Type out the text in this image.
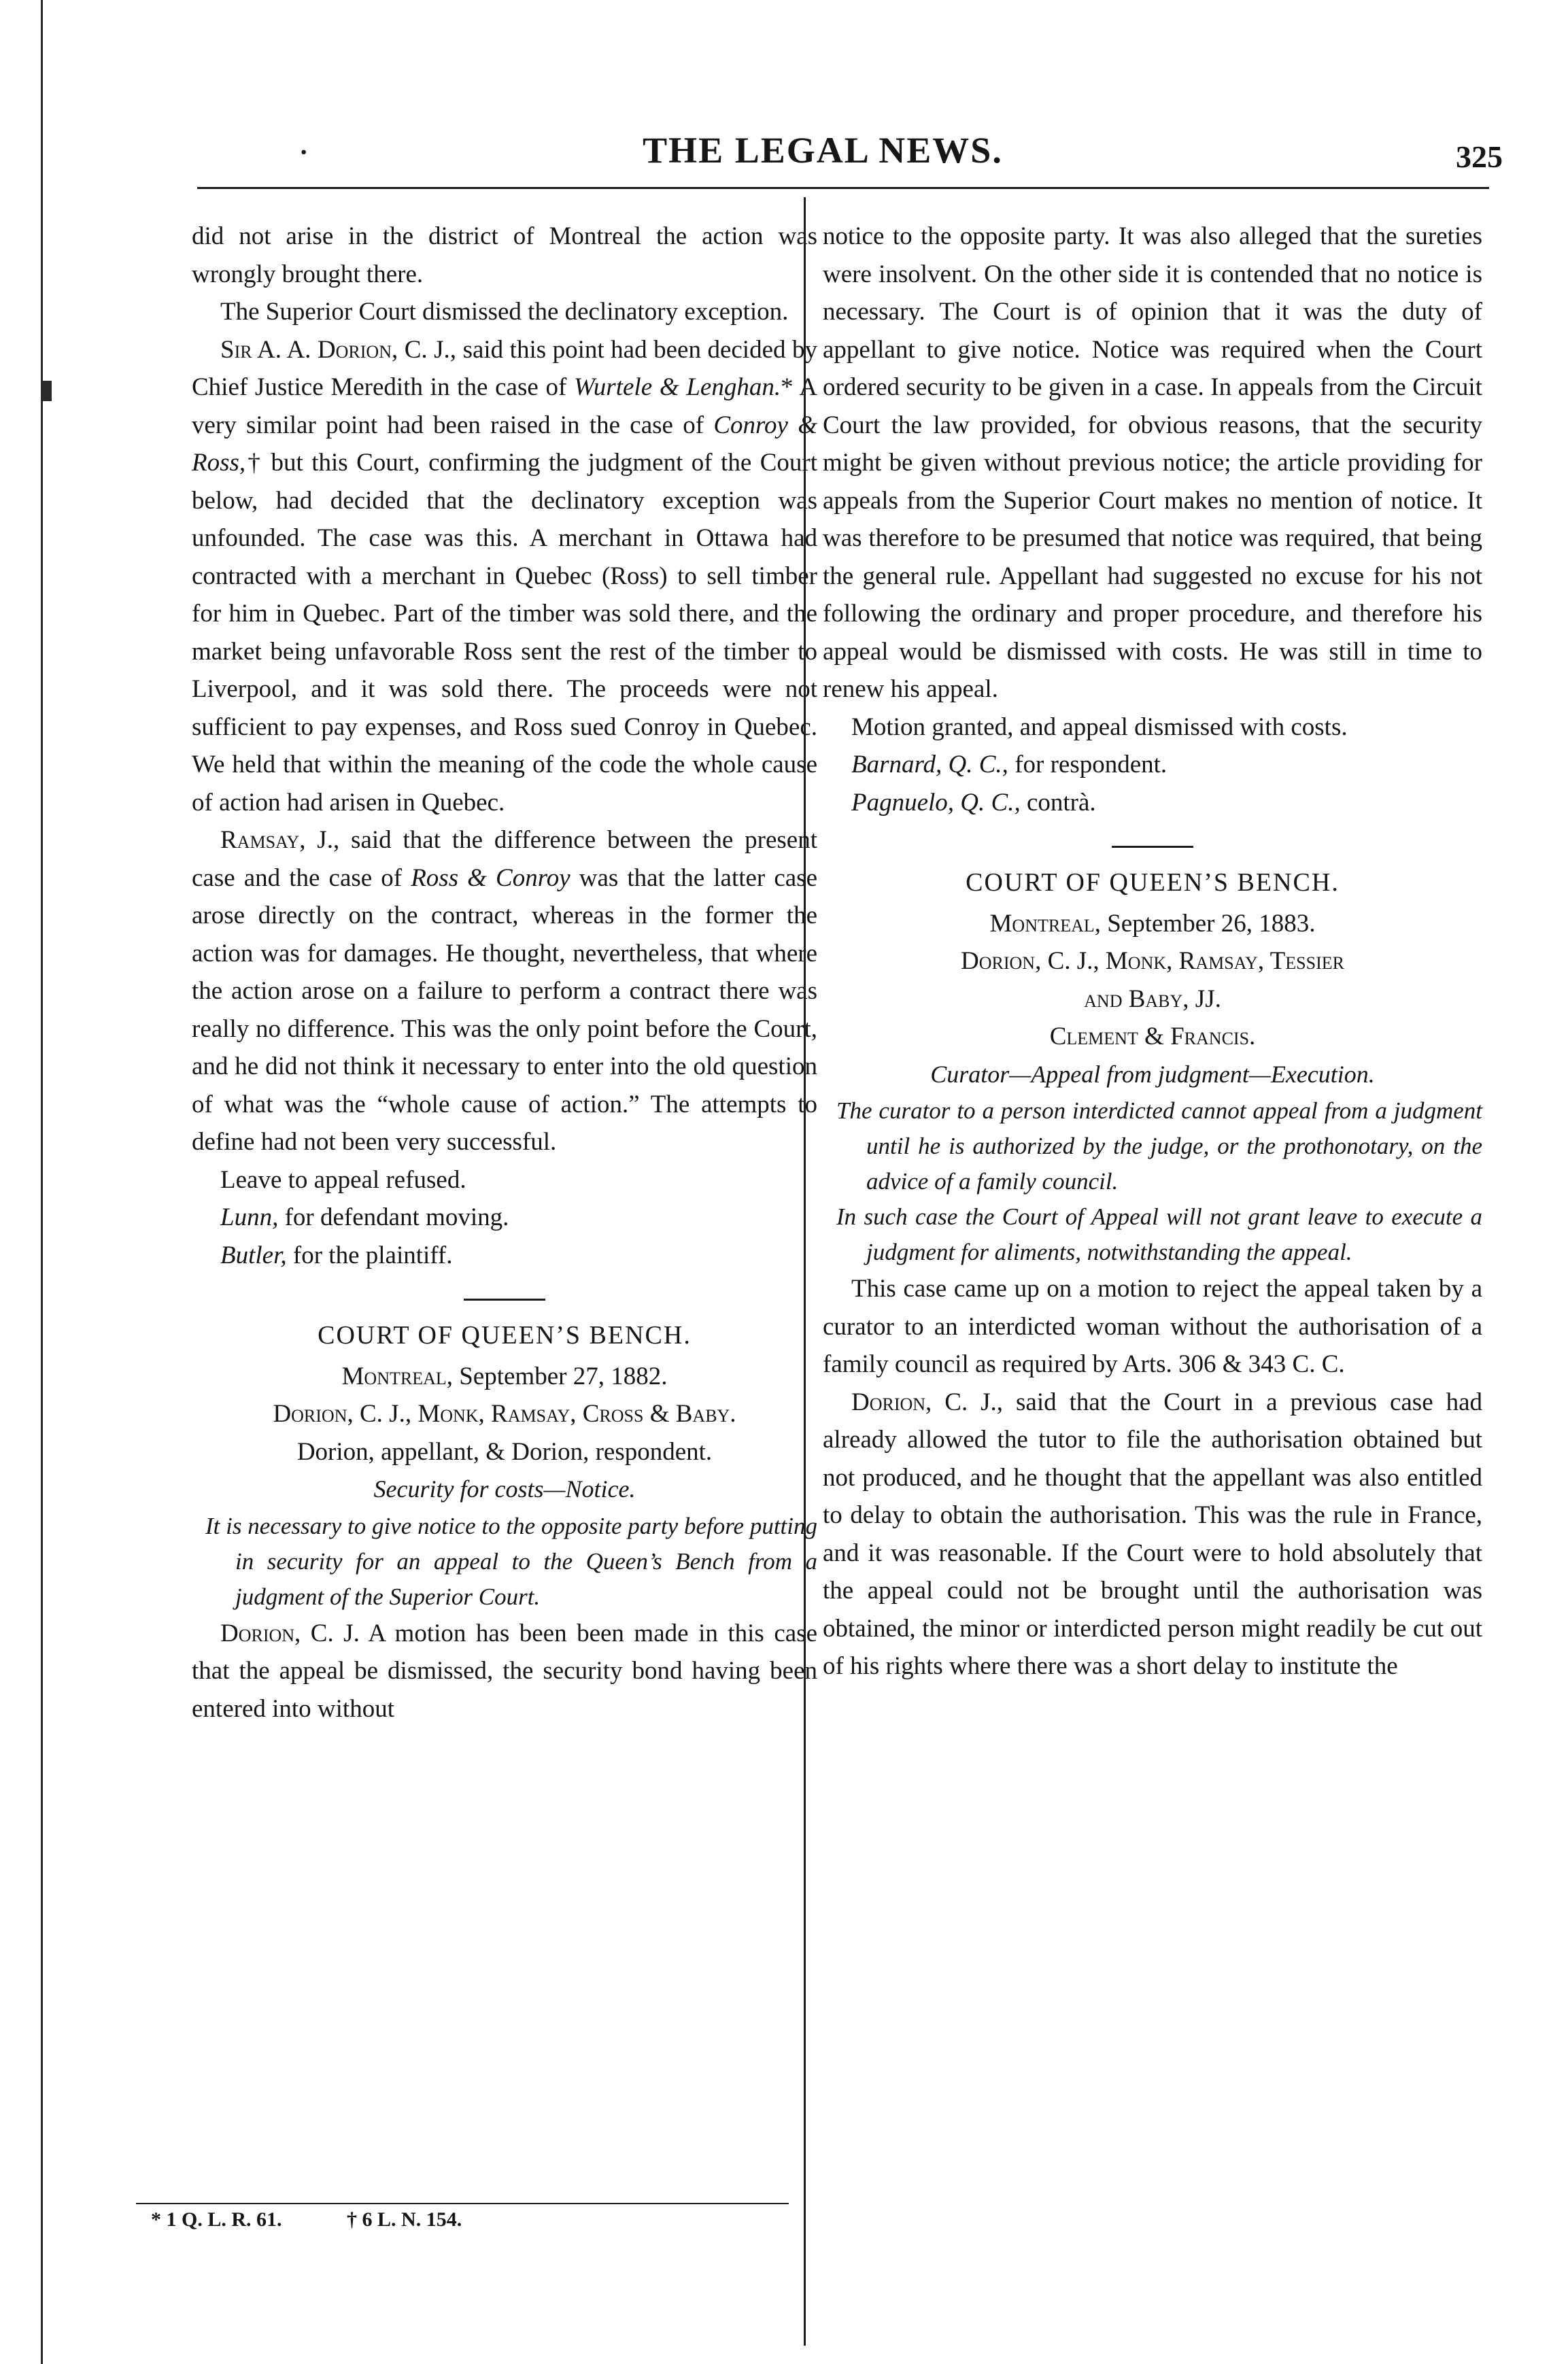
·	THE LEGAL NEWS.	325

did not arise in the district of Montreal the action was wrongly brought there.

The Superior Court dismissed the declinatory exception.

Sir A. A. Dorion, C. J., said this point had been decided by Chief Justice Meredith in the case of Wurtele & Lenghan.* A very similar point had been raised in the case of Conroy & Ross,† but this Court, confirming the judgment of the Court below, had decided that the declinatory exception was unfounded. The case was this. A merchant in Ottawa had contracted with a merchant in Quebec (Ross) to sell timber for him in Quebec. Part of the timber was sold there, and the market being unfavorable Ross sent the rest of the timber to Liverpool, and it was sold there. The proceeds were not sufficient to pay expenses, and Ross sued Conroy in Quebec. We held that within the meaning of the code the whole cause of action had arisen in Quebec.

Ramsay, J., said that the difference between the present case and the case of Ross & Conroy was that the latter case arose directly on the contract, whereas in the former the action was for damages. He thought, nevertheless, that where the action arose on a failure to perform a contract there was really no difference. This was the only point before the Court, and he did not think it necessary to enter into the old question of what was the “whole cause of action.” The attempts to define had not been very successful.

Leave to appeal refused.

Lunn, for defendant moving.

Butler, for the plaintiff.

COURT OF QUEEN’S BENCH.

Montreal, September 27, 1882.

Dorion, C. J., Monk, Ramsay, Cross & Baby.

Dorion, appellant, & Dorion, respondent.

Security for costs—Notice.

It is necessary to give notice to the opposite party before putting in security for an appeal to the Queen’s Bench from a judgment of the Superior Court.

Dorion, C. J. A motion has been been made in this case that the appeal be dismissed, the security bond having been entered into without

* 1 Q. L. R. 61.	† 6 L. N. 154.

notice to the opposite party. It was also alleged that the sureties were insolvent. On the other side it is contended that no notice is necessary. The Court is of opinion that it was the duty of appellant to give notice. Notice was required when the Court ordered security to be given in a case. In appeals from the Circuit Court the law provided, for obvious reasons, that the security might be given without previous notice; the article providing for appeals from the Superior Court makes no mention of notice. It was therefore to be presumed that notice was required, that being the general rule. Appellant had suggested no excuse for his not following the ordinary and proper procedure, and therefore his appeal would be dismissed with costs. He was still in time to renew his appeal.

Motion granted, and appeal dismissed with costs.

Barnard, Q. C., for respondent.

Pagnuelo, Q. C., contrà.

COURT OF QUEEN’S BENCH.

Montreal, September 26, 1883.

Dorion, C. J., Monk, Ramsay, Tessier

and Baby, JJ.

Clement & Francis.

Curator—Appeal from judgment—Execution.

The curator to a person interdicted cannot appeal from a judgment until he is authorized by the judge, or the prothonotary, on the advice of a family council.

In such case the Court of Appeal will not grant leave to execute a judgment for aliments, notwithstanding the appeal.

This case came up on a motion to reject the appeal taken by a curator to an interdicted woman without the authorisation of a family council as required by Arts. 306 & 343 C. C.

Dorion, C. J., said that the Court in a previous case had already allowed the tutor to file the authorisation obtained but not produced, and he thought that the appellant was also entitled to delay to obtain the authorisation. This was the rule in France, and it was reasonable. If the Court were to hold absolutely that the appeal could not be brought until the authorisation was obtained, the minor or interdicted person might readily be cut out of his rights where there was a short delay to institute the
